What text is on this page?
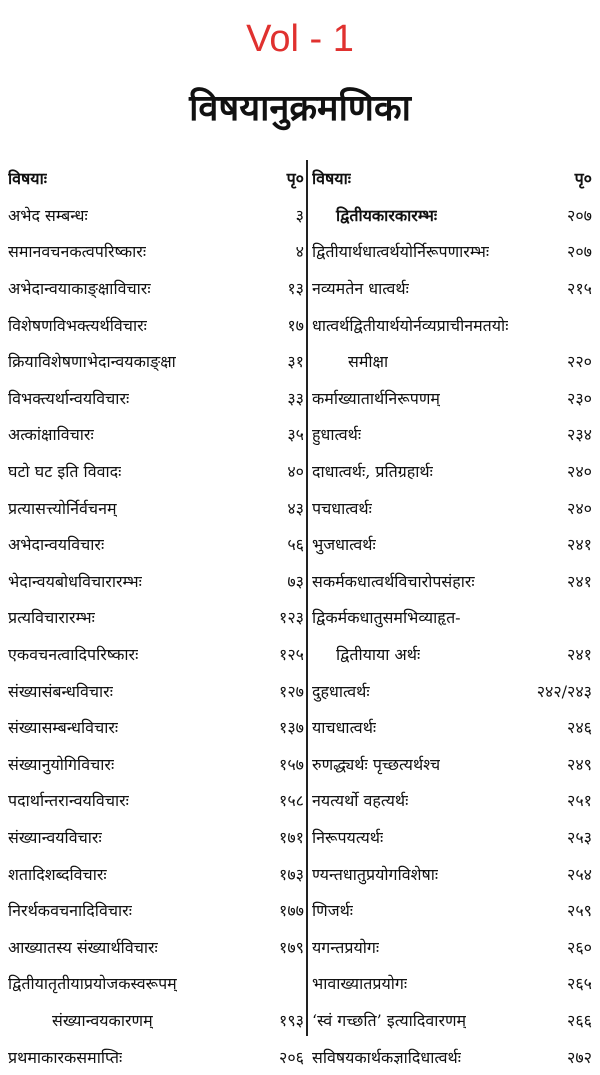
Vol - 1
विषयानुक्रमणिका
विषयाः	पृ०
अभेद सम्बन्धः	३
समानवचनकत्वपरिष्कारः	४
अभेदान्वयाकाङ्क्षाविचारः	१३
विशेषणविभक्त्यर्थविचारः	१७
क्रियाविशेषणाभेदान्वयकाङ्क्षा	३१
विभक्त्यर्थान्वयविचारः	३३
अत्कांक्षाविचारः	३५
घटो घट इति विवादः	४०
प्रत्यासत्त्योर्निर्वचनम्	४३
अभेदान्वयविचारः	५६
भेदान्वयबोधविचारारम्भः	७३
प्रत्यविचारारम्भः	१२३
एकवचनत्वादिपरिष्कारः	१२५
संख्यासंबन्धविचारः	१२७
संख्यासम्बन्धविचारः	१३७
संख्यानुयोगिविचारः	१५७
पदार्थान्तरान्वयविचारः	१५८
संख्यान्वयविचारः	१७१
शतादिशब्दविचारः	१७३
निरर्थकवचनादिविचारः	१७७
आख्यातस्य संख्यार्थविचारः	१७९
द्वितीयातृतीयाप्रयोजकस्वरूपम्
संख्यान्वयकारणम्	१९३
प्रथमाकारकसमाप्तिः	२०६
विषयाः	पृ०
द्वितीयकारकारम्भः	२०७
द्वितीयार्थधात्वर्थयोर्निरूपणारम्भः	२०७
नव्यमतेन धात्वर्थः	२१५
धात्वर्थद्वितीयार्थयोर्नव्यप्राचीनमतयोः
समीक्षा	२२०
कर्माख्यातार्थनिरूपणम्	२३०
हुधात्वर्थः	२३४
दाधात्वर्थः, प्रतिग्रहार्थः	२४०
पचधात्वर्थः	२४०
भुजधात्वर्थः	२४१
सकर्मकधात्वर्थविचारोपसंहारः	२४१
द्विकर्मकधातुसमभिव्याहृत-
द्वितीयाया अर्थः	२४१
दुहधात्वर्थः	२४२/२४३
याचधात्वर्थः	२४६
रुणद्ध्यर्थः पृच्छत्यर्थश्च	२४९
नयत्यर्थो वहत्यर्थः	२५१
निरूपयत्यर्थः	२५३
ण्यन्तधातुप्रयोगविशेषाः	२५४
णिजर्थः	२५९
यगन्तप्रयोगः	२६०
भावाख्यातप्रयोगः	२६५
‘स्वं गच्छति’ इत्यादिवारणम्	२६६
सविषयकार्थकज्ञादिधात्वर्थः	२७२
